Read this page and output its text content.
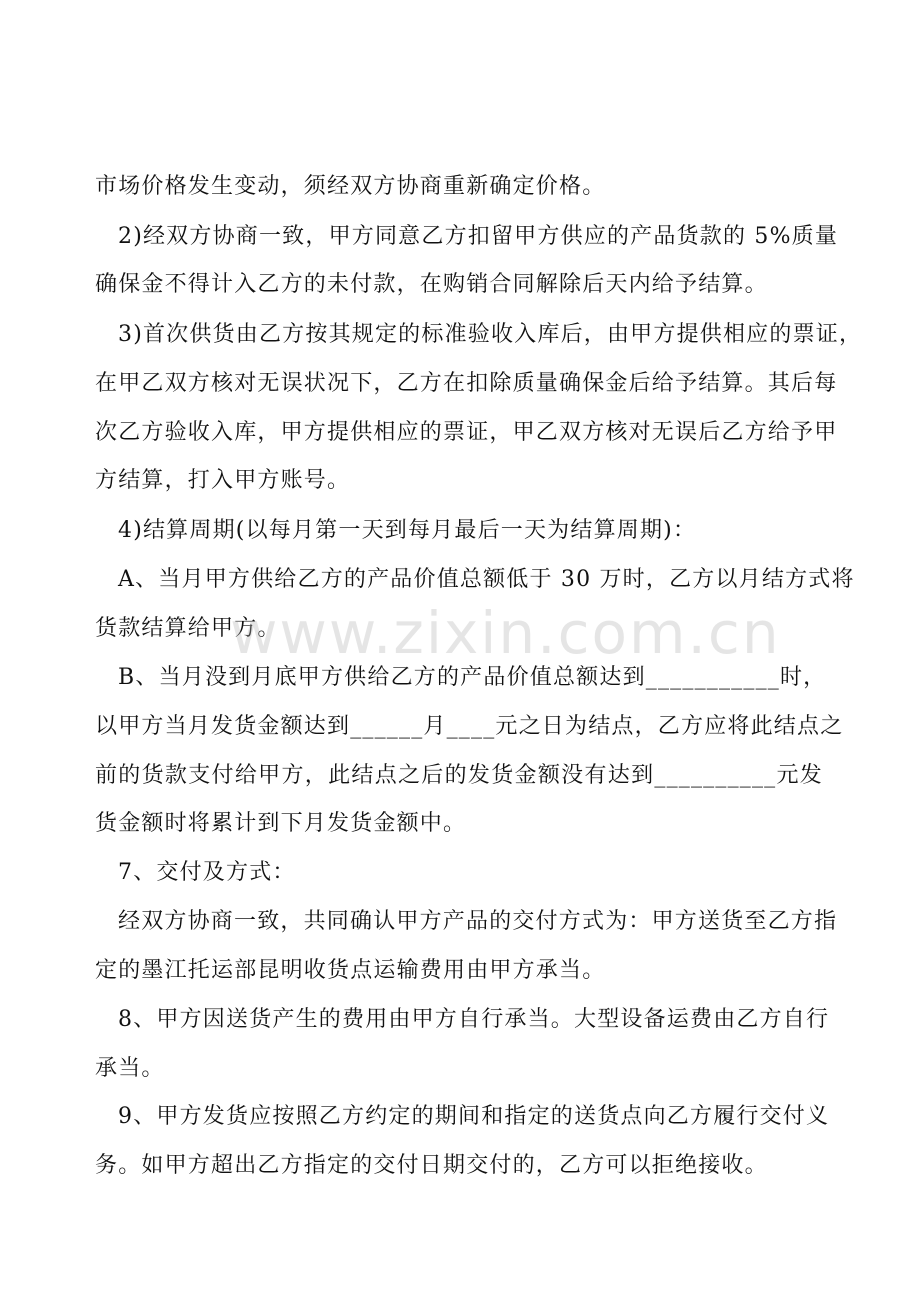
市场价格发生变动，须经双方协商重新确定价格。
2)经双方协商一致，甲方同意乙方扣留甲方供应的产品货款的 5%质量
确保金不得计入乙方的未付款，在购销合同解除后天内给予结算。
3)首次供货由乙方按其规定的标准验收入库后，由甲方提供相应的票证，
在甲乙双方核对无误状况下，乙方在扣除质量确保金后给予结算。其后每
次乙方验收入库，甲方提供相应的票证，甲乙双方核对无误后乙方给予甲
方结算，打入甲方账号。
4)结算周期(以每月第一天到每月最后一天为结算周期)：
A、当月甲方供给乙方的产品价值总额低于 30 万时，乙方以月结方式将
货款结算给甲方。
B、当月没到月底甲方供给乙方的产品价值总额达到___________时，
以甲方当月发货金额达到______月____元之日为结点，乙方应将此结点之
前的货款支付给甲方，此结点之后的发货金额没有达到__________元发
货金额时将累计到下月发货金额中。
7、交付及方式：
经双方协商一致，共同确认甲方产品的交付方式为：甲方送货至乙方指
定的墨江托运部昆明收货点运输费用由甲方承当。
8、甲方因送货产生的费用由甲方自行承当。大型设备运费由乙方自行
承当。
9、甲方发货应按照乙方约定的期间和指定的送货点向乙方履行交付义
务。如甲方超出乙方指定的交付日期交付的，乙方可以拒绝接收。
www.zixin.com.cn
